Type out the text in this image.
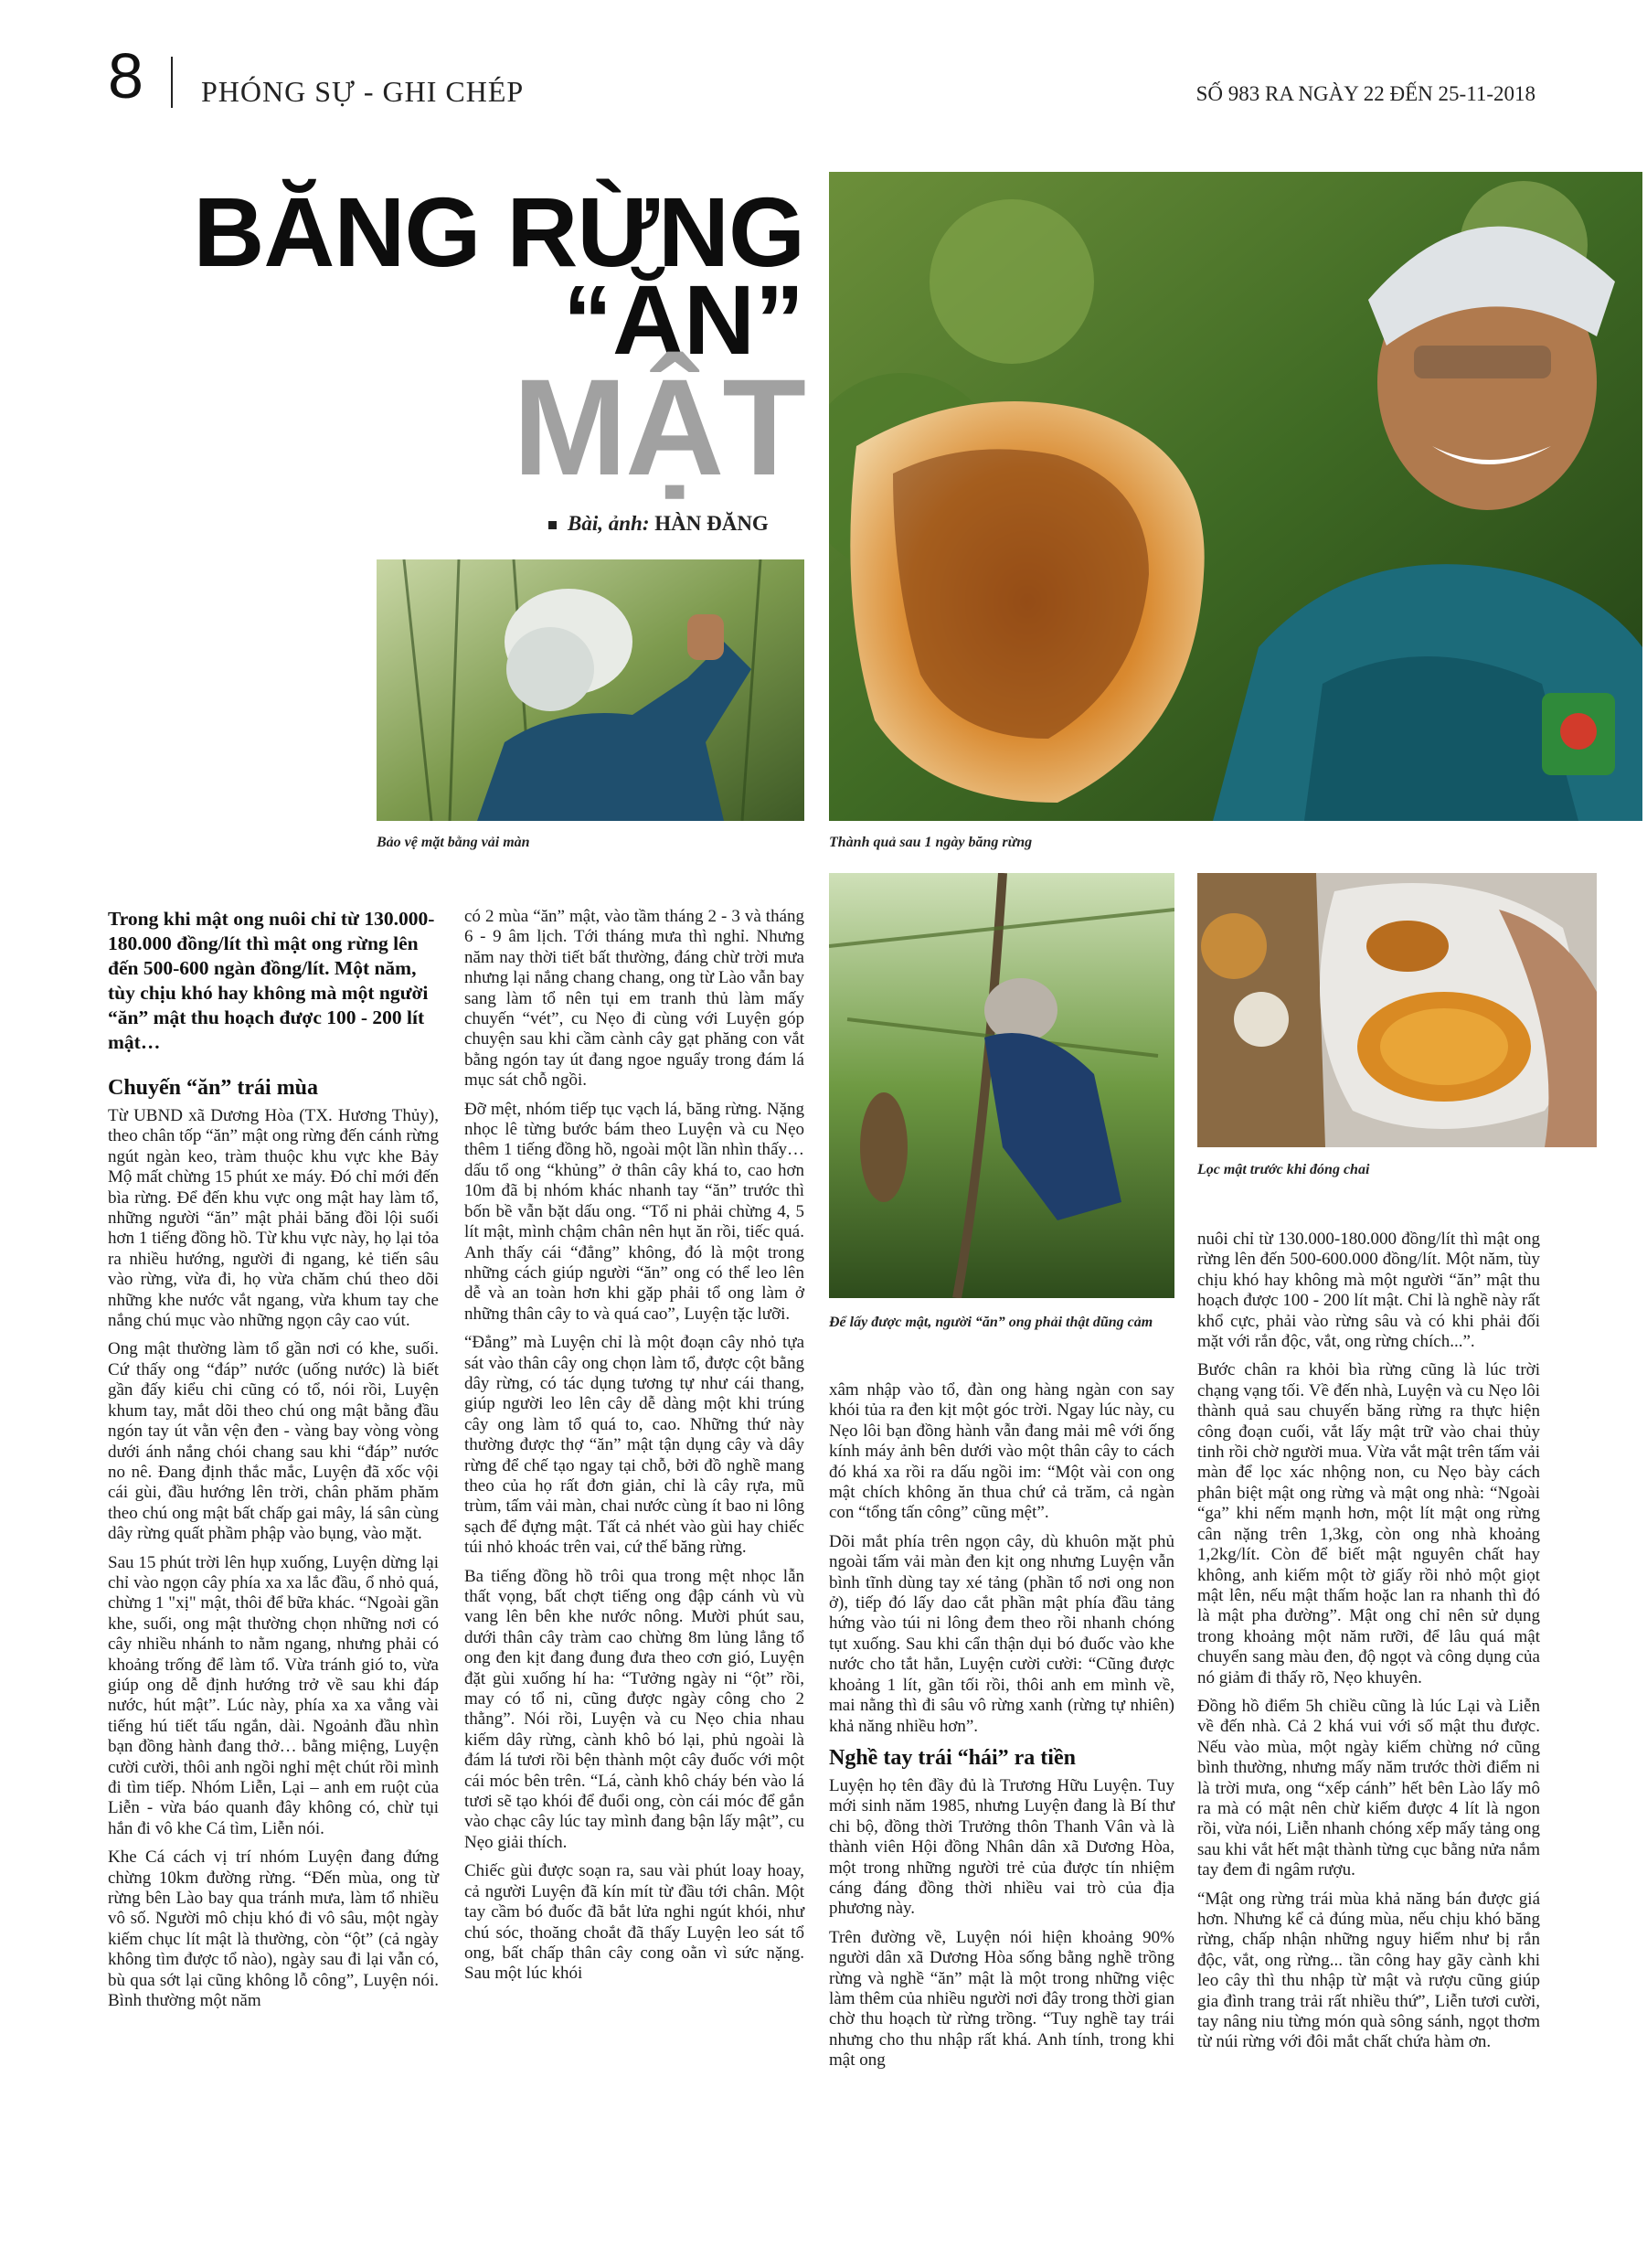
8 PHÓNG SỰ - GHI CHÉP	SỐ 983 RA NGÀY 22 ĐẾN 25-11-2018
BĂNG RỪNG
“ĂN”
MẬT
Bài, ảnh: HÀN ĐĂNG
Bảo vệ mặt bằng vải màn	Thành quả sau 1 ngày băng rừng
Để lấy được mật, người “ăn” ong phải thật dũng cảm
Lọc mật trước khi đóng chai

Trong khi mật ong nuôi chỉ từ 130.000-180.000 đồng/lít thì mật ong rừng lên đến 500-600 ngàn đồng/lít. Một năm, tùy chịu khó hay không mà một người “ăn” mật thu hoạch được 100 - 200 lít mật…

Chuyến “ăn” trái mùa

Từ UBND xã Dương Hòa (TX. Hương Thủy), theo chân tốp “ăn” mật ong rừng đến cánh rừng ngút ngàn keo, tràm thuộc khu vực khe Bảy Mộ mất chừng 15 phút xe máy. Đó chỉ mới đến bìa rừng. Để đến khu vực ong mật hay làm tổ, những người “ăn” mật phải băng đồi lội suối hơn 1 tiếng đồng hồ. Từ khu vực này, họ lại tỏa ra nhiều hướng, người đi ngang, kẻ tiến sâu vào rừng, vừa đi, họ vừa chăm chú theo dõi những khe nước vắt ngang, vừa khum tay che nắng chú mục vào những ngọn cây cao vút.

Ong mật thường làm tổ gần nơi có khe, suối. Cứ thấy ong “đáp” nước (uống nước) là biết gần đấy kiểu chi cũng có tổ, nói rồi, Luyện khum tay, mắt dõi theo chú ong mật bằng đầu ngón tay út vằn vện đen - vàng bay vòng vòng dưới ánh nắng chói chang sau khi “đáp” nước no nê. Đang định thắc mắc, Luyện đã xốc vội cái gùi, đầu hướng lên trời, chân phăm phăm theo chú ong mật bất chấp gai mây, lá sân cùng dây rừng quất phầm phập vào bụng, vào mặt.

Sau 15 phút trời lên hụp xuống, Luyện dừng lại chỉ vào ngọn cây phía xa xa lắc đầu, ổ nhỏ quá, chừng 1 "xị" mật, thôi để bữa khác. “Ngoài gần khe, suối, ong mật thường chọn những nơi có cây nhiều nhánh to nằm ngang, nhưng phải có khoảng trống để làm tổ. Vừa tránh gió to, vừa giúp ong dễ định hướng trở về sau khi đáp nước, hút mật”. Lúc này, phía xa xa vẳng vài tiếng hú tiết tấu ngắn, dài. Ngoảnh đầu nhìn bạn đồng hành đang thở… bằng miệng, Luyện cười cười, thôi anh ngồi nghỉ mệt chút rồi mình đi tìm tiếp. Nhóm Liễn, Lại – anh em ruột của Liễn - vừa báo quanh đây không có, chừ tụi hắn đi vô khe Cá tìm, Liễn nói.

Khe Cá cách vị trí nhóm Luyện đang đứng chừng 10km đường rừng. “Đến mùa, ong từ rừng bên Lào bay qua tránh mưa, làm tổ nhiều vô số. Người mô chịu khó đi vô sâu, một ngày kiếm chục lít mật là thường, còn “ột” (cả ngày không tìm được tổ nào), ngày sau đi lại vẫn có, bù qua sớt lại cũng không lỗ công”, Luyện nói. Bình thường một năm

có 2 mùa “ăn” mật, vào tầm tháng 2 - 3 và tháng 6 - 9 âm lịch. Tới tháng mưa thì nghỉ. Nhưng năm nay thời tiết bất thường, đáng chừ trời mưa nhưng lại nắng chang chang, ong từ Lào vẫn bay sang làm tổ nên tụi em tranh thủ làm mấy chuyến “vét”, cu Nẹo đi cùng với Luyện góp chuyện sau khi cầm cành cây gạt phăng con vắt bằng ngón tay út đang ngoe nguẩy trong đám lá mục sát chỗ ngồi.

Đỡ mệt, nhóm tiếp tục vạch lá, băng rừng. Nặng nhọc lê từng bước bám theo Luyện và cu Nẹo thêm 1 tiếng đồng hồ, ngoài một lần nhìn thấy… dấu tổ ong “khủng” ở thân cây khá to, cao hơn 10m đã bị nhóm khác nhanh tay “ăn” trước thì bốn bề vẫn bặt dấu ong. “Tổ ni phải chừng 4, 5 lít mật, mình chậm chân nên hụt ăn rồi, tiếc quá. Anh thấy cái “đẳng” không, đó là một trong những cách giúp người “ăn” ong có thể leo lên dễ và an toàn hơn khi gặp phải tổ ong làm ở những thân cây to và quá cao”, Luyện tặc lưỡi.

“Đẳng” mà Luyện chỉ là một đoạn cây nhỏ tựa sát vào thân cây ong chọn làm tổ, được cột bằng dây rừng, có tác dụng tương tự như cái thang, giúp người leo lên cây dễ dàng một khi trúng cây ong làm tổ quá to, cao. Những thứ này thường được thợ “ăn” mật tận dụng cây và dây rừng để chế tạo ngay tại chỗ, bởi đồ nghề mang theo của họ rất đơn giản, chỉ là cây rựa, mũ trùm, tấm vải màn, chai nước cùng ít bao ni lông sạch để đựng mật. Tất cả nhét vào gùi hay chiếc túi nhỏ khoác trên vai, cứ thế băng rừng.

Ba tiếng đồng hồ trôi qua trong mệt nhọc lẫn thất vọng, bất chợt tiếng ong đập cánh vù vù vang lên bên khe nước nông. Mười phút sau, dưới thân cây tràm cao chừng 8m lủng lẳng tổ ong đen kịt đang đung đưa theo cơn gió, Luyện đặt gùi xuống hí ha: “Tưởng ngày ni “ột” rồi, may có tổ ni, cũng được ngày công cho 2 thằng”. Nói rồi, Luyện và cu Nẹo chia nhau kiếm dây rừng, cành khô bó lại, phủ ngoài là đám lá tươi rồi bện thành một cây đuốc với một cái móc bên trên. “Lá, cành khô cháy bén vào lá tươi sẽ tạo khói để đuổi ong, còn cái móc để gắn vào chạc cây lúc tay mình đang bận lấy mật”, cu Nẹo giải thích.

Chiếc gùi được soạn ra, sau vài phút loay hoay, cả người Luyện đã kín mít từ đầu tới chân. Một tay cầm bó đuốc đã bắt lửa nghi ngút khói, như chú sóc, thoăng choắt đã thấy Luyện leo sát tổ ong, bất chấp thân cây cong oằn vì sức nặng. Sau một lúc khói

xâm nhập vào tổ, đàn ong hàng ngàn con say khói tủa ra đen kịt một góc trời. Ngay lúc này, cu Nẹo lôi bạn đồng hành vẫn đang mải mê với ống kính máy ảnh bên dưới vào một thân cây to cách đó khá xa rồi ra dấu ngồi im: “Một vài con ong mật chích không ăn thua chứ cả trăm, cả ngàn con “tổng tấn công” cũng mệt”.

Dõi mắt phía trên ngọn cây, dù khuôn mặt phủ ngoài tấm vải màn đen kịt ong nhưng Luyện vẫn bình tĩnh dùng tay xé tảng (phần tổ nơi ong non ở), tiếp đó lấy dao cắt phần mật phía đầu tảng hứng vào túi ni lông đem theo rồi nhanh chóng tụt xuống. Sau khi cẩn thận dụi bó đuốc vào khe nước cho tắt hẳn, Luyện cười cười: “Cũng được khoảng 1 lít, gần tối rồi, thôi anh em mình về, mai nằng thì đi sâu vô rừng xanh (rừng tự nhiên) khả năng nhiều hơn”.

Nghề tay trái “hái” ra tiền

Luyện họ tên đầy đủ là Trương Hữu Luyện. Tuy mới sinh năm 1985, nhưng Luyện đang là Bí thư chi bộ, đồng thời Trưởng thôn Thanh Vân và là thành viên Hội đồng Nhân dân xã Dương Hòa, một trong những người trẻ của được tín nhiệm cáng đáng đồng thời nhiều vai trò của địa phương này.

Trên đường về, Luyện nói hiện khoảng 90% người dân xã Dương Hòa sống bằng nghề trồng rừng và nghề “ăn” mật là một trong những việc làm thêm của nhiều người nơi đây trong thời gian chờ thu hoạch từ rừng trồng. “Tuy nghề tay trái nhưng cho thu nhập rất khá. Anh tính, trong khi mật ong

nuôi chỉ từ 130.000-180.000 đồng/lít thì mật ong rừng lên đến 500-600.000 đồng/lít. Một năm, tùy chịu khó hay không mà một người “ăn” mật thu hoạch được 100 - 200 lít mật. Chỉ là nghề này rất khổ cực, phải vào rừng sâu và có khi phải đối mặt với rắn độc, vắt, ong rừng chích...”.

Bước chân ra khỏi bìa rừng cũng là lúc trời chạng vạng tối. Về đến nhà, Luyện và cu Nẹo lôi thành quả sau chuyến băng rừng ra thực hiện công đoạn cuối, vắt lấy mật trữ vào chai thủy tinh rồi chờ người mua. Vừa vắt mật trên tấm vải màn để lọc xác nhộng non, cu Nẹo bày cách phân biệt mật ong rừng và mật ong nhà: “Ngoài “ga” khi nếm mạnh hơn, một lít mật ong rừng cân nặng trên 1,3kg, còn ong nhà khoảng 1,2kg/lít. Còn để biết mật nguyên chất hay không, anh kiếm một tờ giấy rồi nhỏ một giọt mật lên, nếu mật thấm hoặc lan ra nhanh thì đó là mật pha đường”. Mật ong chỉ nên sử dụng trong khoảng một năm rưỡi, để lâu quá mật chuyển sang màu đen, độ ngọt và công dụng của nó giảm đi thấy rõ, Nẹo khuyên.

Đồng hồ điểm 5h chiều cũng là lúc Lại và Liễn về đến nhà. Cả 2 khá vui với số mật thu được. Nếu vào mùa, một ngày kiếm chừng nớ cũng bình thường, nhưng mấy năm trước thời điểm ni là trời mưa, ong “xếp cánh” hết bên Lào lấy mô ra mà có mật nên chừ kiếm được 4 lít là ngon rồi, vừa nói, Liễn nhanh chóng xếp mấy tảng ong sau khi vắt hết mật thành từng cục bằng nửa nắm tay đem đi ngâm rượu.

“Mật ong rừng trái mùa khả năng bán được giá hơn. Nhưng kể cả đúng mùa, nếu chịu khó băng rừng, chấp nhận những nguy hiểm như bị rắn độc, vắt, ong rừng... tần công hay gãy cành khi leo cây thì thu nhập từ mật và rượu cũng giúp gia đình trang trải rất nhiều thứ”, Liễn tươi cười, tay nâng niu từng món quà sông sánh, ngọt thơm từ núi rừng với đôi mắt chất chứa hàm ơn.
